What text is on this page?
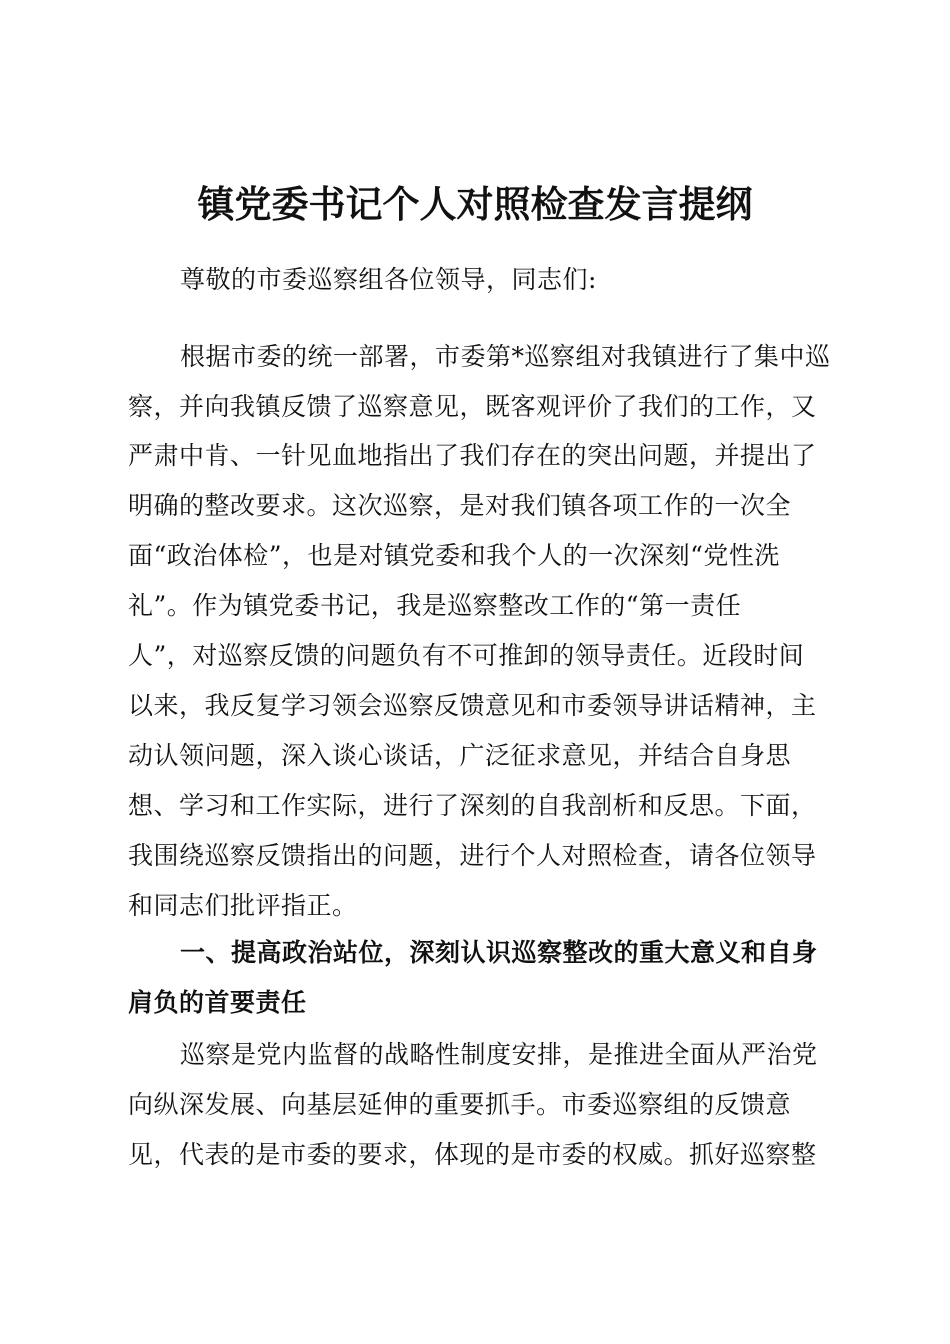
镇党委书记个人对照检查发言提纲
尊敬的市委巡察组各位领导，同志们:
根据市委的统一部署，市委第*巡察组对我镇进行了集中巡
察，并向我镇反馈了巡察意见，既客观评价了我们的工作，又
严肃中肯、一针见血地指出了我们存在的突出问题，并提出了
明确的整改要求。这次巡察，是对我们镇各项工作的一次全
面“政治体检”，也是对镇党委和我个人的一次深刻“党性洗
礼”。作为镇党委书记，我是巡察整改工作的“第一责任
人”，对巡察反馈的问题负有不可推卸的领导责任。近段时间
以来，我反复学习领会巡察反馈意见和市委领导讲话精神，主
动认领问题，深入谈心谈话，广泛征求意见，并结合自身思
想、学习和工作实际，进行了深刻的自我剖析和反思。下面，
我围绕巡察反馈指出的问题，进行个人对照检查，请各位领导
和同志们批评指正。
一、提高政治站位，深刻认识巡察整改的重大意义和自身
肩负的首要责任
巡察是党内监督的战略性制度安排，是推进全面从严治党
向纵深发展、向基层延伸的重要抓手。市委巡察组的反馈意
见，代表的是市委的要求，体现的是市委的权威。抓好巡察整
